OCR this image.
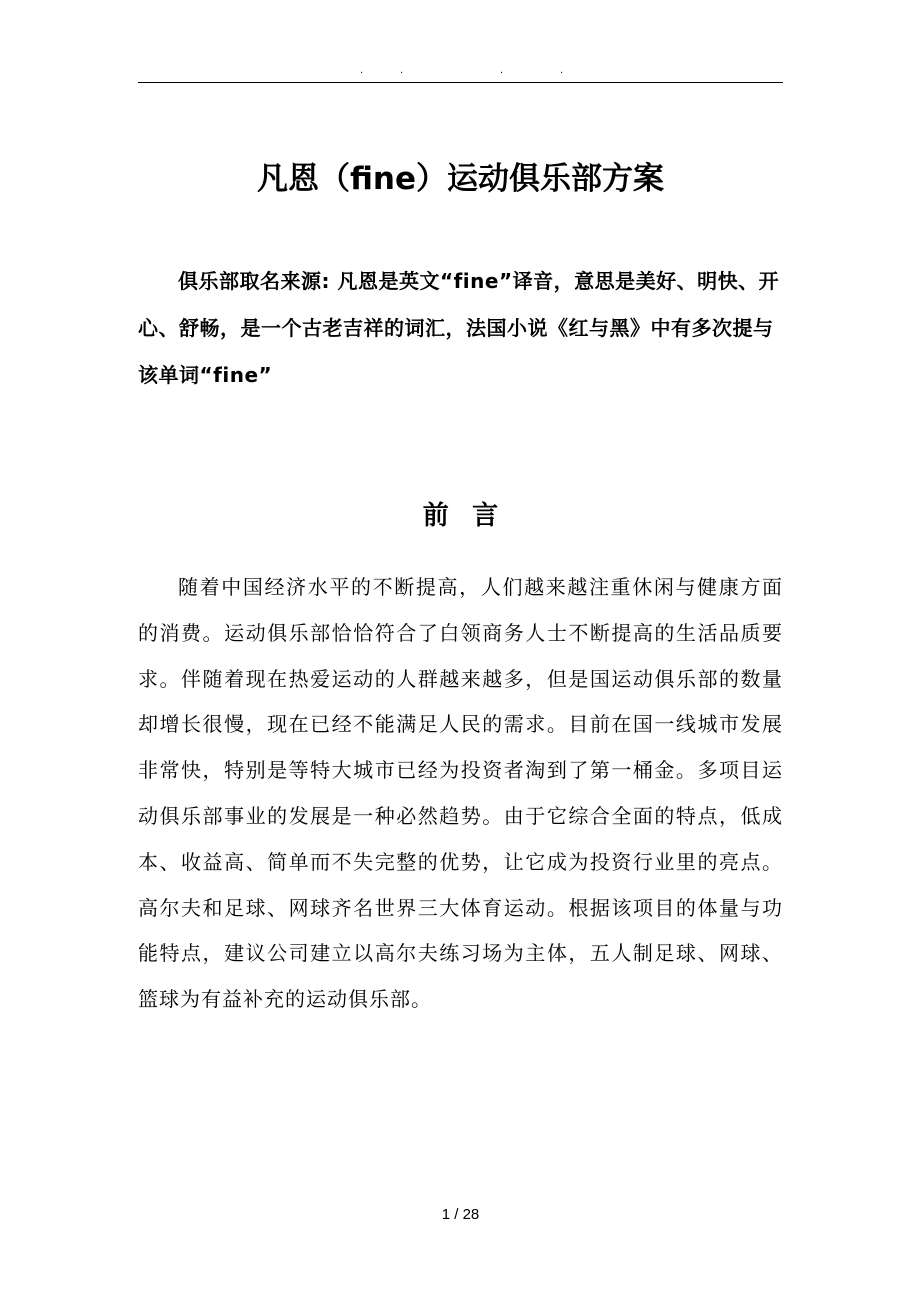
.	.	.	.
凡恩（fine）运动俱乐部方案

俱乐部取名来源: 凡恩是英文“fine”译音，意思是美好、明快、开心、舒畅，是一个古老吉祥的词汇，法国小说《红与黑》中有多次提与该单词“fine”

前言

随着中国经济水平的不断提高，人们越来越注重休闲与健康方面的消费。运动俱乐部恰恰符合了白领商务人士不断提高的生活品质要求。伴随着现在热爱运动的人群越来越多，但是国运动俱乐部的数量却增长很慢，现在已经不能满足人民的需求。目前在国一线城市发展非常快，特别是等特大城市已经为投资者淘到了第一桶金。多项目运动俱乐部事业的发展是一种必然趋势。由于它综合全面的特点，低成本、收益高、简单而不失完整的优势，让它成为投资行业里的亮点。高尔夫和足球、网球齐名世界三大体育运动。根据该项目的体量与功能特点，建议公司建立以高尔夫练习场为主体，五人制足球、网球、篮球为有益补充的运动俱乐部。

1 / 28
